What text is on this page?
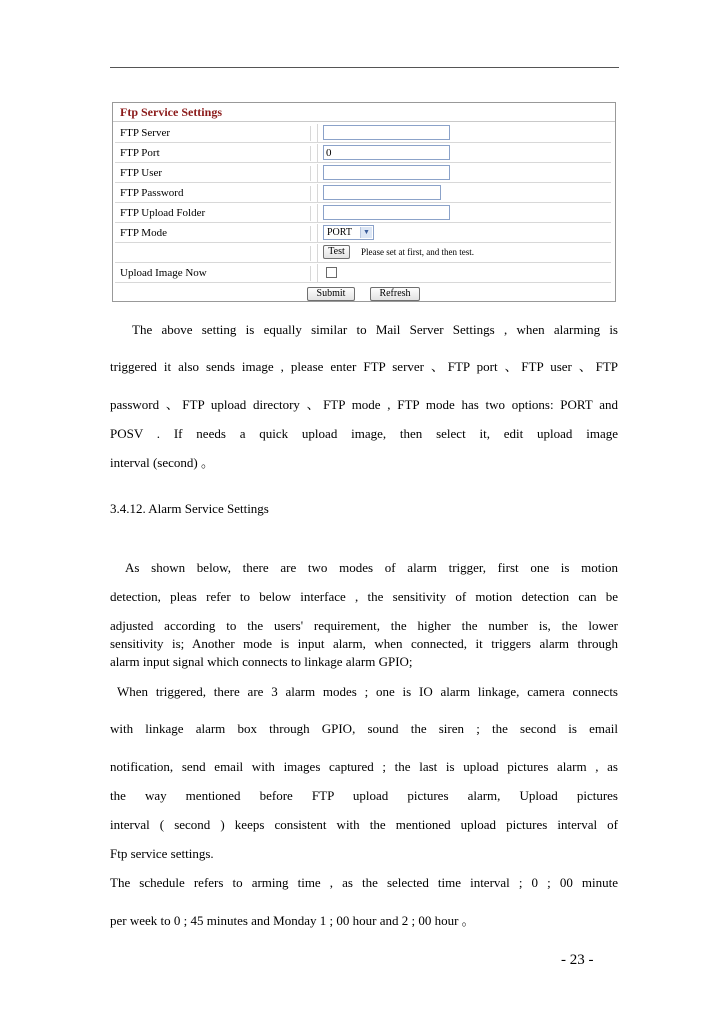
Ftp Service Settings
FTP Server
FTP Port	0
FTP User
FTP Password
FTP Upload Folder
FTP Mode	PORT	▼
Test	Please set at first, and then test.
Upload Image Now
Submit	Refresh
The above setting is equally similar to Mail Server Settings , when alarming is
triggered it also sends image , please enter FTP server 、FTP port 、FTP user 、FTP
password 、FTP upload directory 、FTP mode , FTP mode has two options: PORT and
POSV . If needs a quick upload image, then select it, edit upload image
interval (second) 。
3.4.12. Alarm Service Settings
As shown below, there are two modes of alarm trigger, first one is motion
detection, pleas refer to below interface , the sensitivity of motion detection can be
adjusted according to the users' requirement, the higher the number is, the lower
sensitivity is; Another mode is input alarm, when connected, it triggers alarm through
alarm input signal which connects to linkage alarm GPIO;
When triggered, there are 3 alarm modes ; one is IO alarm linkage, camera connects
with linkage alarm box through GPIO, sound the siren ; the second is email
notification, send email with images captured ; the last is upload pictures alarm , as
the way mentioned before FTP upload pictures alarm, Upload pictures
interval ( second ) keeps consistent with the mentioned upload pictures interval of
Ftp service settings.
The schedule refers to arming time , as the selected time interval ; 0 ; 00 minute
per week to 0 ; 45 minutes and Monday 1 ; 00 hour and 2 ; 00 hour 。
- 23 -
